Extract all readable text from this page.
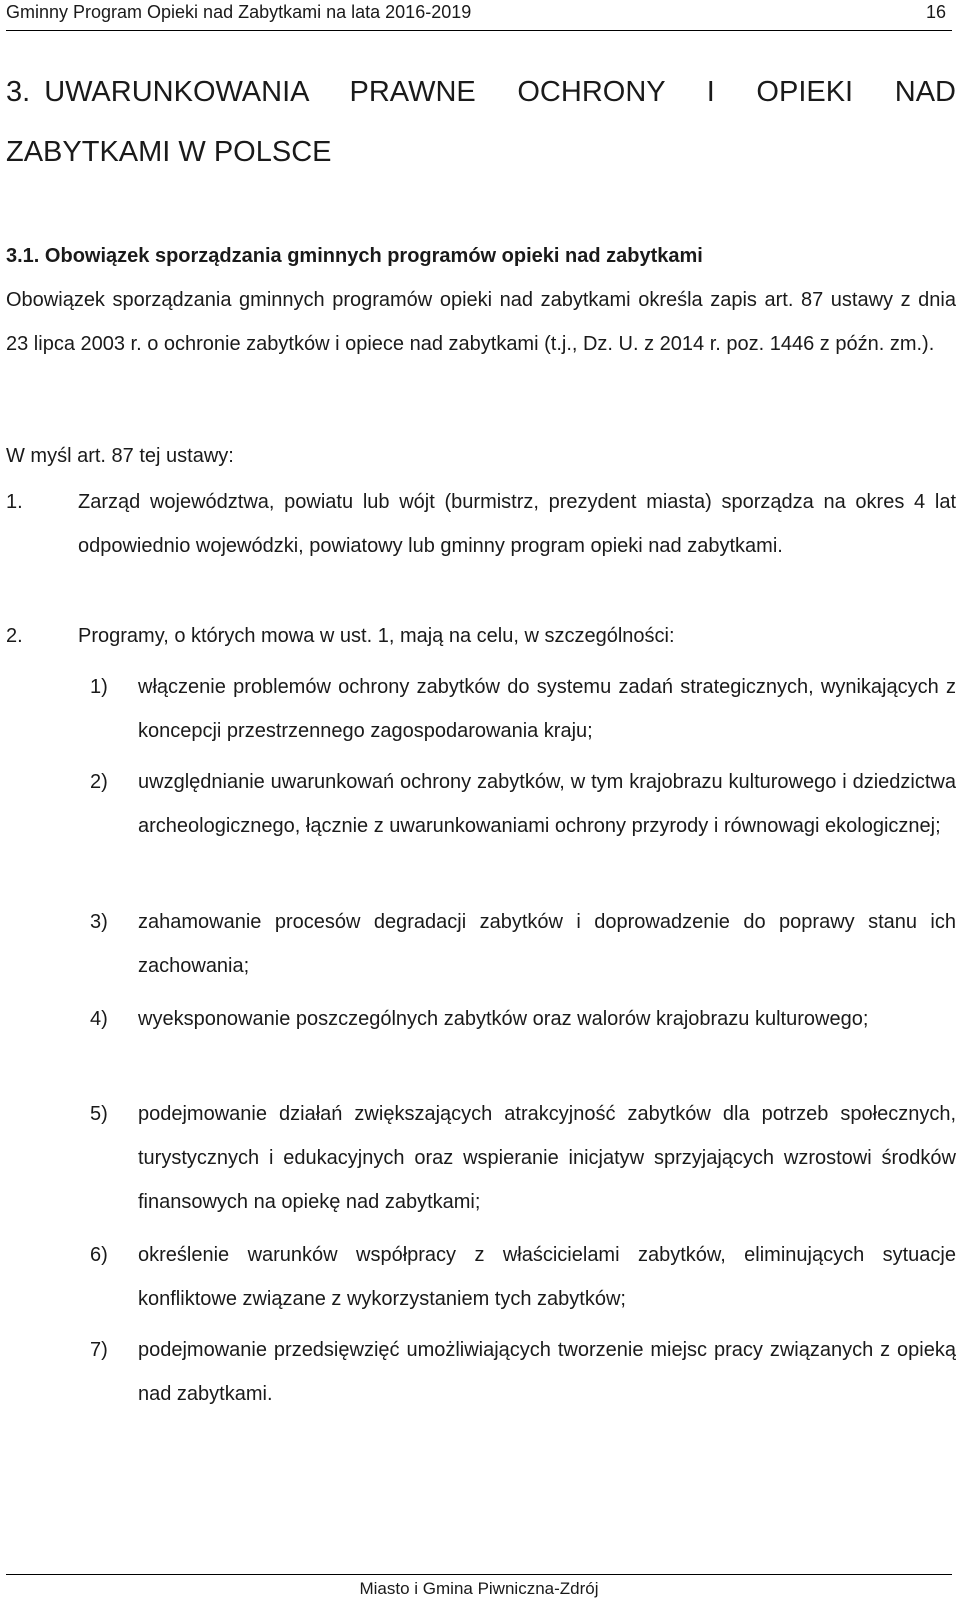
Gminny Program Opieki nad Zabytkami na lata 2016-2019	16
3. UWARUNKOWANIA PRAWNE OCHRONY I OPIEKI NAD ZABYTKAMI W POLSCE
3.1. Obowiązek sporządzania gminnych programów opieki nad zabytkami
Obowiązek sporządzania gminnych programów opieki nad zabytkami określa zapis art. 87 ustawy z dnia 23 lipca 2003 r. o ochronie zabytków i opiece nad zabytkami (t.j., Dz. U. z 2014 r. poz. 1446 z późn. zm.).
W myśl art. 87 tej ustawy:
1.	Zarząd województwa, powiatu lub wójt (burmistrz, prezydent miasta) sporządza na okres 4 lat odpowiednio wojewódzki, powiatowy lub gminny program opieki nad zabytkami.
2.	Programy, o których mowa w ust. 1, mają na celu, w szczególności:
1)	włączenie problemów ochrony zabytków do systemu zadań strategicznych, wynikających z koncepcji przestrzennego zagospodarowania kraju;
2)	uwzględnianie uwarunkowań ochrony zabytków, w tym krajobrazu kulturowego i dziedzictwa archeologicznego, łącznie z uwarunkowaniami ochrony przyrody i równowagi ekologicznej;
3)	zahamowanie procesów degradacji zabytków i doprowadzenie do poprawy stanu ich zachowania;
4)	wyeksponowanie poszczególnych zabytków oraz walorów krajobrazu kulturowego;
5)	podejmowanie działań zwiększających atrakcyjność zabytków dla potrzeb społecznych, turystycznych i edukacyjnych oraz wspieranie inicjatyw sprzyjających wzrostowi środków finansowych na opiekę nad zabytkami;
6)	określenie warunków współpracy z właścicielami zabytków, eliminujących sytuacje konfliktowe związane z wykorzystaniem tych zabytków;
7)	podejmowanie przedsięwzięć umożliwiających tworzenie miejsc pracy związanych z opieką nad zabytkami.
Miasto i Gmina Piwniczna-Zdrój
